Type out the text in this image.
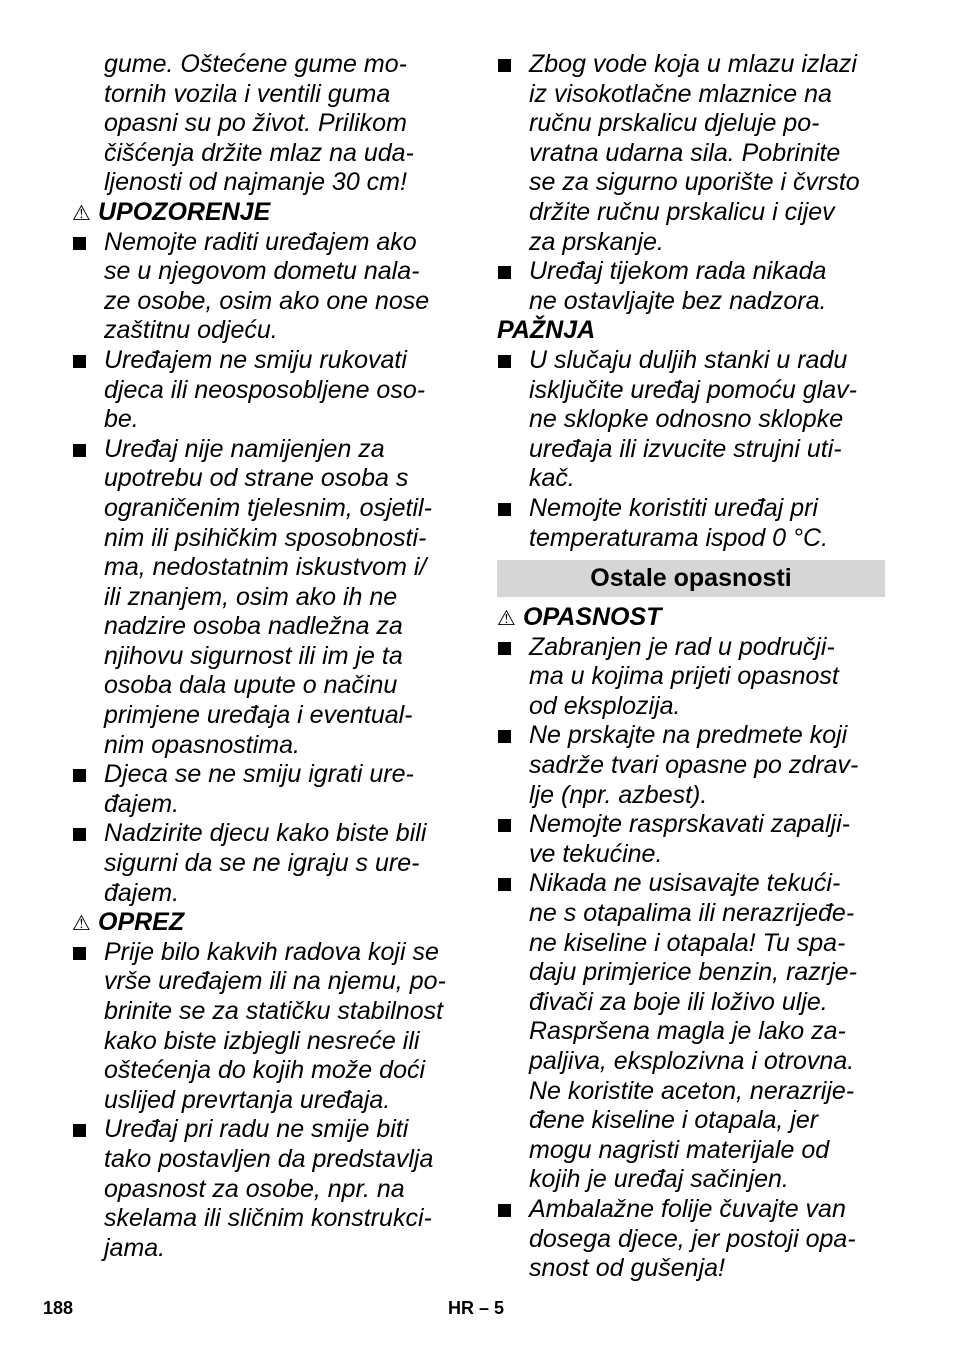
gume. Oštećene gume mo-
tornih vozila i ventili guma
opasni su po život. Prilikom
čišćenja držite mlaz na uda-
ljenosti od najmanje 30 cm!
⚠ UPOZORENJE
Nemojte raditi uređajem ako
se u njegovom dometu nala-
ze osobe, osim ako one nose
zaštitnu odjeću.
Uređajem ne smiju rukovati
djeca ili neosposobljene oso-
be.
Uređaj nije namijenjen za
upotrebu od strane osoba s
ograničenim tjelesnim, osjetil-
nim ili psihičkim sposobnosti-
ma, nedostatnim iskustvom i/
ili znanjem, osim ako ih ne
nadzire osoba nadležna za
njihovu sigurnost ili im je ta
osoba dala upute o načinu
primjene uređaja i eventual-
nim opasnostima.
Djeca se ne smiju igrati ure-
đajem.
Nadzirite djecu kako biste bili
sigurni da se ne igraju s ure-
đajem.
⚠ OPREZ
Prije bilo kakvih radova koji se
vrše uređajem ili na njemu, po-
brinite se za statičku stabilnost
kako biste izbjegli nesreće ili
oštećenja do kojih može doći
uslijed prevrtanja uređaja.
Uređaj pri radu ne smije biti
tako postavljen da predstavlja
opasnost za osobe, npr. na
skelama ili sličnim konstrukci-
jama.
Zbog vode koja u mlazu izlazi
iz visokotlačne mlaznice na
ručnu prskalicu djeluje po-
vratna udarna sila. Pobrinite
se za sigurno uporište i čvrsto
držite ručnu prskalicu i cijev
za prskanje.
Uređaj tijekom rada nikada
ne ostavljajte bez nadzora.
PAŽNJA
U slučaju duljih stanki u radu
isključite uređaj pomoću glav-
ne sklopke odnosno sklopke
uređaja ili izvucite strujni uti-
kač.
Nemojte koristiti uređaj pri
temperaturama ispod 0 °C.
Ostale opasnosti
⚠ OPASNOST
Zabranjen je rad u područji-
ma u kojima prijeti opasnost
od eksplozija.
Ne prskajte na predmete koji
sadrže tvari opasne po zdrav-
lje (npr. azbest).
Nemojte rasprskavati zapalji-
ve tekućine.
Nikada ne usisavajte tekući-
ne s otapalima ili nerazrijeđe-
ne kiseline i otapala! Tu spa-
daju primjerice benzin, razrje-
đivači za boje ili loživo ulje.
Raspršena magla je lako za-
paljiva, eksplozivna i otrovna.
Ne koristite aceton, nerazrije-
đene kiseline i otapala, jer
mogu nagristi materijale od
kojih je uređaj sačinjen.
Ambalažne folije čuvajte van
dosega djece, jer postoji opa-
snost od gušenja!
188	HR – 5
